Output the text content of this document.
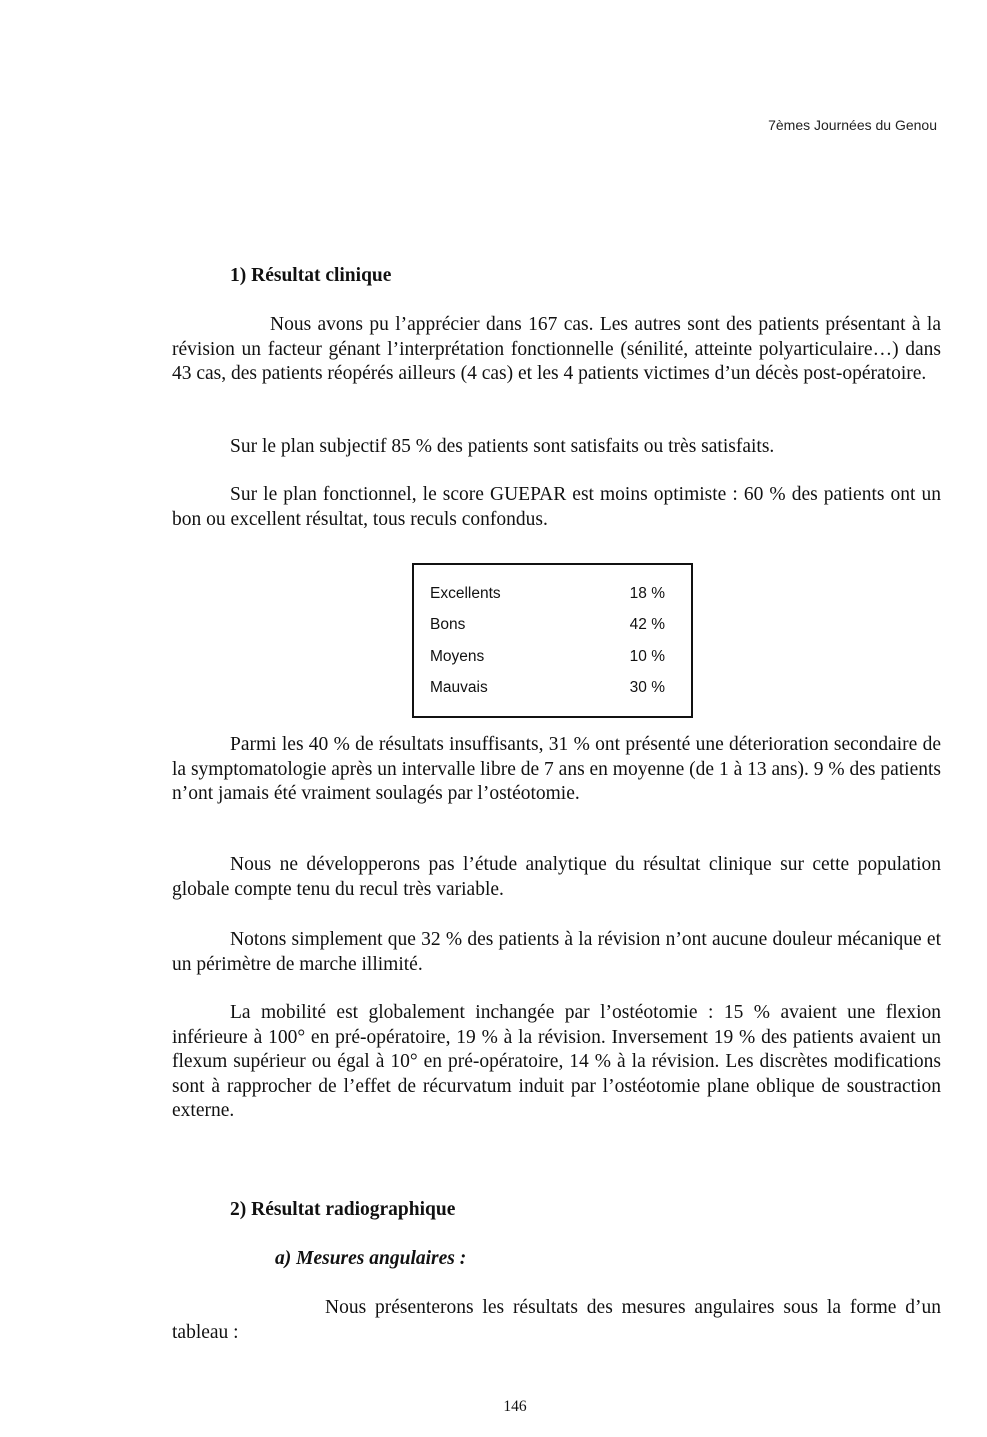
7èmes Journées du Genou
1) Résultat clinique

Nous avons pu l’apprécier dans 167 cas. Les autres sont des patients présentant à la révision un facteur génant l’interprétation fonctionnelle (sénilité, atteinte polyarticulaire…) dans 43 cas, des patients réopérés ailleurs (4 cas) et les 4 patients victimes d’un décès post-opératoire.

Sur le plan subjectif 85 % des patients sont satisfaits ou très satisfaits.

Sur le plan fonctionnel, le score GUEPAR est moins optimiste : 60 % des patients ont un bon ou excellent résultat, tous reculs confondus.

Excellents	18 %
Bons	42 %
Moyens	10 %
Mauvais	30 %

Parmi les 40 % de résultats insuffisants, 31 % ont présenté une déterioration secondaire de la symptomatologie après un intervalle libre de 7 ans en moyenne (de 1 à 13 ans). 9 % des patients n’ont jamais été vraiment soulagés par l’ostéotomie.

Nous ne développerons pas l’étude analytique du résultat clinique sur cette population globale compte tenu du recul très variable.

Notons simplement que 32 % des patients à la révision n’ont aucune douleur mécanique et un périmètre de marche illimité.

La mobilité est globalement inchangée par l’ostéotomie : 15 % avaient une flexion inférieure à 100° en pré-opératoire, 19 % à la révision. Inversement 19 % des patients avaient un flexum supérieur ou égal à 10° en pré-opératoire, 14 % à la révision. Les discrètes modifications sont à rapprocher de l’effet de récurvatum induit par l’ostéotomie plane oblique de soustraction externe.

2) Résultat radiographique
a) Mesures angulaires :

Nous présenterons les résultats des mesures angulaires sous la forme d’un tableau :

146
